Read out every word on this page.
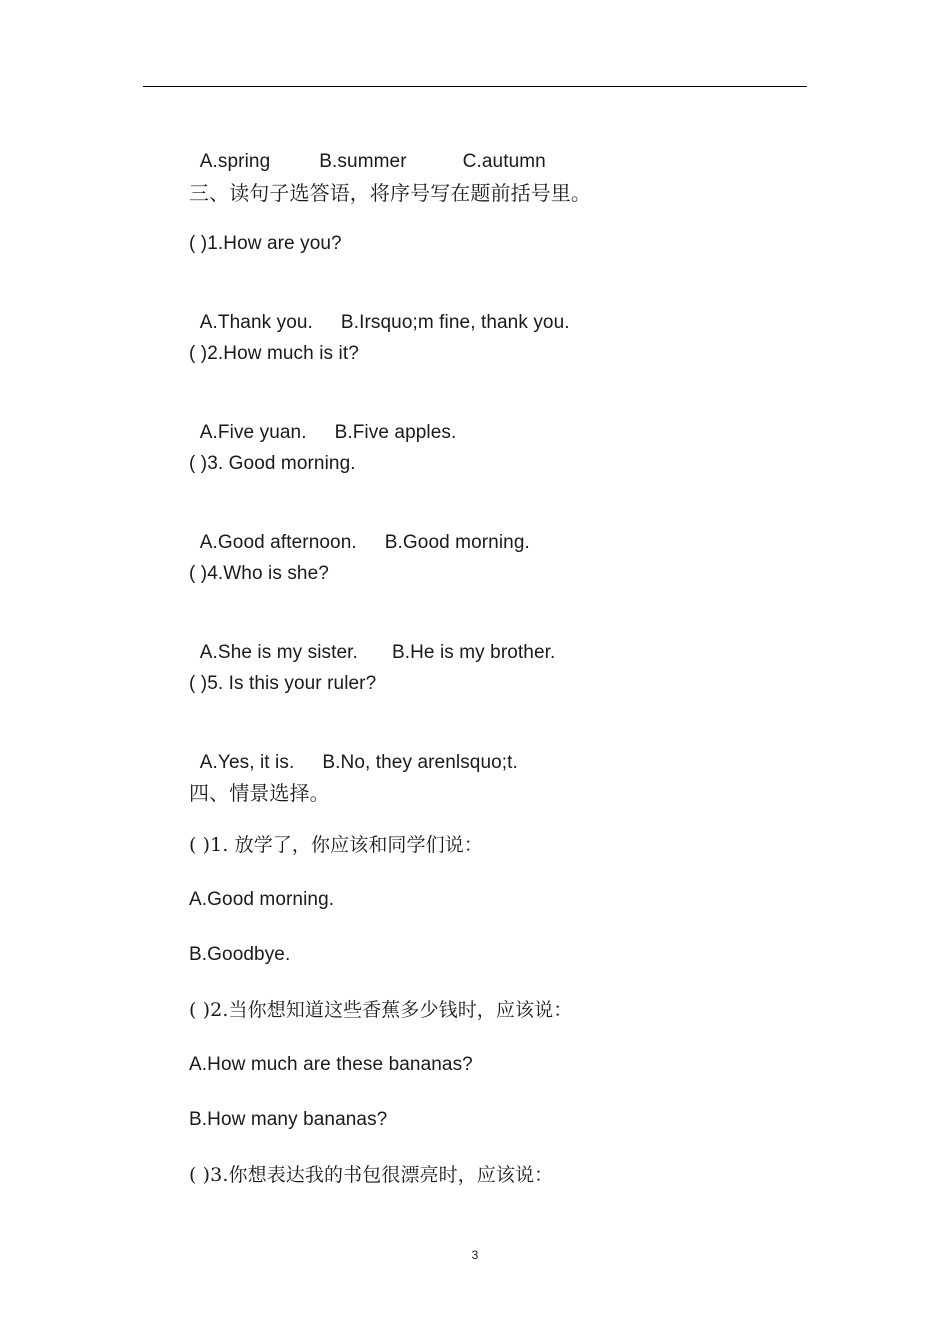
A.spring	B.summer	C.autumn

三、读句子选答语，将序号写在题前括号里。
( )1.How are you?

A.Thank you. B.Irsquo;m fine, thank you.

( )2.How much is it?

A.Five yuan. B.Five apples.

( )3. Good morning.

A.Good afternoon. B.Good morning.

( )4.Who is she?

A.She is my sister. B.He is my brother.

( )5. Is this your ruler?

A.Yes, it is. B.No, they arenlsquo;t.

四、情景选择。
( )1. 放学了，你应该和同学们说：
A.Good morning.
B.Goodbye.
( )2.当你想知道这些香蕉多少钱时，应该说：
A.How much are these bananas?
B.How many bananas?
( )3.你想表达我的书包很漂亮时，应该说：
3
